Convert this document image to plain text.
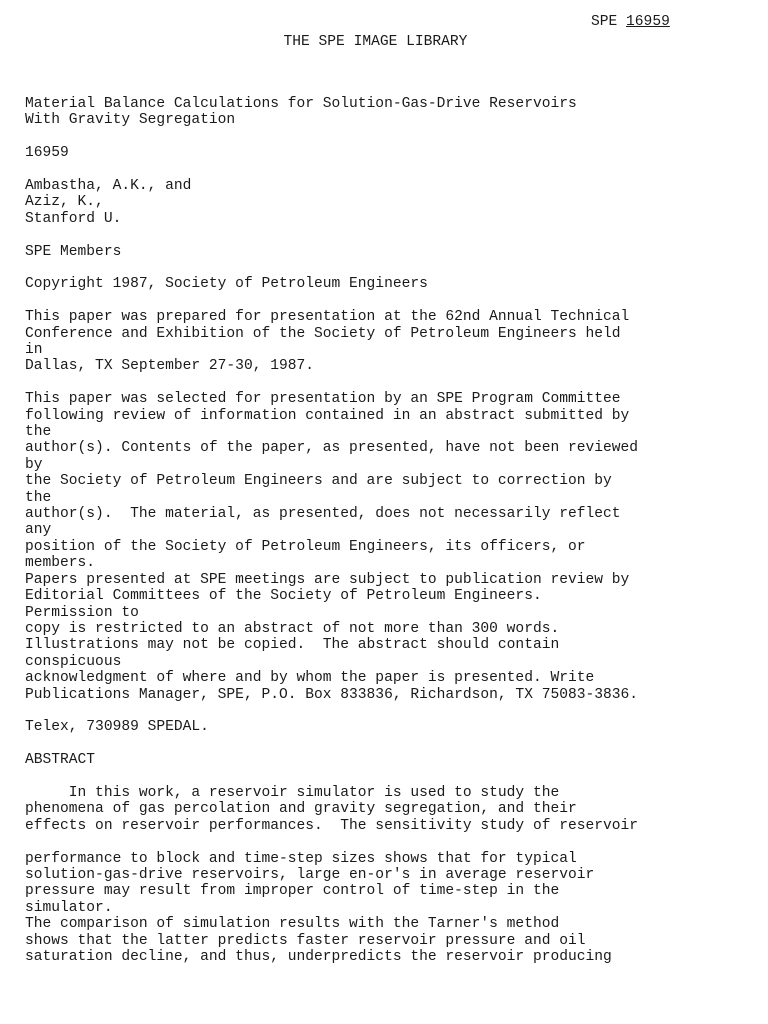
THE SPE IMAGE LIBRARY

SPE 16959

Material Balance Calculations for Solution-Gas-Drive Reservoirs
With Gravity Segregation

16959

Ambastha, A.K., and
Aziz, K.,
Stanford U.

SPE Members

Copyright 1987, Society of Petroleum Engineers

This paper was prepared for presentation at the 62nd Annual Technical
Conference and Exhibition of the Society of Petroleum Engineers held
in
Dallas, TX September 27-30, 1987.

This paper was selected for presentation by an SPE Program Committee
following review of information contained in an abstract submitted by
the
author(s). Contents of the paper, as presented, have not been reviewed
by
the Society of Petroleum Engineers and are subject to correction by
the
author(s).  The material, as presented, does not necessarily reflect
any
position of the Society of Petroleum Engineers, its officers, or
members.
Papers presented at SPE meetings are subject to publication review by
Editorial Committees of the Society of Petroleum Engineers.
Permission to
copy is restricted to an abstract of not more than 300 words.
Illustrations may not be copied.  The abstract should contain
conspicuous
acknowledgment of where and by whom the paper is presented. Write
Publications Manager, SPE, P.O. Box 833836, Richardson, TX 75083-3836.

Telex, 730989 SPEDAL.

ABSTRACT

In this work, a reservoir simulator is used to study the
phenomena of gas percolation and gravity segregation, and their
effects on reservoir performances.  The sensitivity study of reservoir

performance to block and time-step sizes shows that for typical
solution-gas-drive reservoirs, large en-or's in average reservoir
pressure may result from improper control of time-step in the
simulator.

The comparison of simulation results with the Tarner's method
shows that the latter predicts faster reservoir pressure and oil
saturation decline, and thus, underpredicts the reservoir producing
